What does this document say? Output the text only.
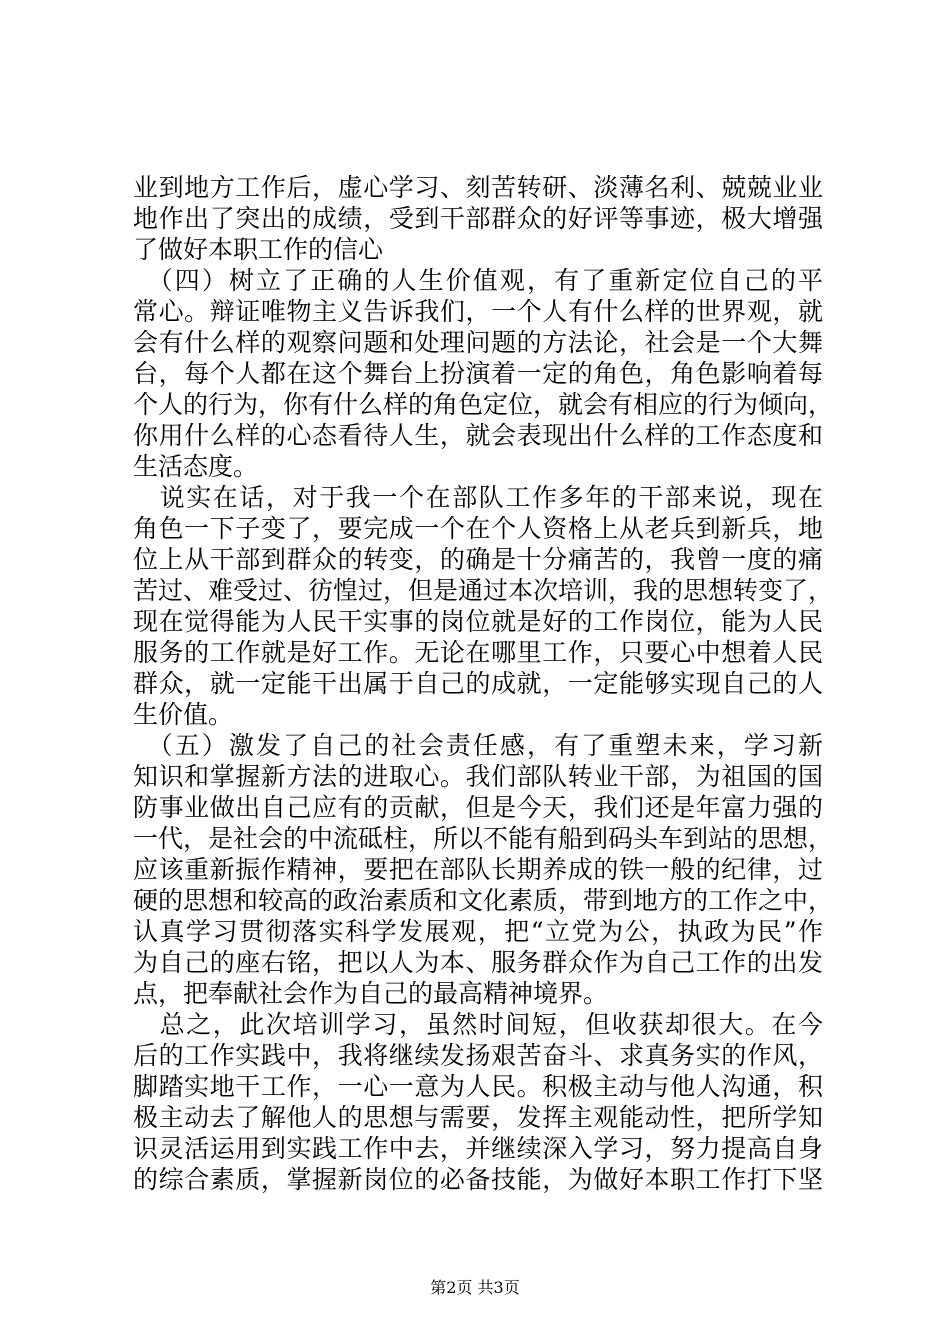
业到地方工作后，虚心学习、刻苦转研、淡薄名利、兢兢业业
地作出了突出的成绩，受到干部群众的好评等事迹，极大增强
了做好本职工作的信心
　（四）树立了正确的人生价值观，有了重新定位自己的平
常心。辩证唯物主义告诉我们，一个人有什么样的世界观，就
会有什么样的观察问题和处理问题的方法论，社会是一个大舞
台，每个人都在这个舞台上扮演着一定的角色，角色影响着每
个人的行为，你有什么样的角色定位，就会有相应的行为倾向，
你用什么样的心态看待人生，就会表现出什么样的工作态度和
生活态度。
　说实在话，对于我一个在部队工作多年的干部来说，现在
角色一下子变了，要完成一个在个人资格上从老兵到新兵，地
位上从干部到群众的转变，的确是十分痛苦的，我曾一度的痛
苦过、难受过、彷惶过，但是通过本次培训，我的思想转变了，
现在觉得能为人民干实事的岗位就是好的工作岗位，能为人民
服务的工作就是好工作。无论在哪里工作，只要心中想着人民
群众，就一定能干出属于自己的成就，一定能够实现自己的人
生价值。
　（五）激发了自己的社会责任感，有了重塑未来，学习新
知识和掌握新方法的进取心。我们部队转业干部，为祖国的国
防事业做出自己应有的贡献，但是今天，我们还是年富力强的
一代，是社会的中流砥柱，所以不能有船到码头车到站的思想，
应该重新振作精神，要把在部队长期养成的铁一般的纪律，过
硬的思想和较高的政治素质和文化素质，带到地方的工作之中，
认真学习贯彻落实科学发展观，把“立党为公，执政为民”作
为自己的座右铭，把以人为本、服务群众作为自己工作的出发
点，把奉献社会作为自己的最高精神境界。
　总之，此次培训学习，虽然时间短，但收获却很大。在今
后的工作实践中，我将继续发扬艰苦奋斗、求真务实的作风，
脚踏实地干工作，一心一意为人民。积极主动与他人沟通，积
极主动去了解他人的思想与需要，发挥主观能动性，把所学知
识灵活运用到实践工作中去，并继续深入学习，努力提高自身
的综合素质，掌握新岗位的必备技能，为做好本职工作打下坚
第2页 共3页
